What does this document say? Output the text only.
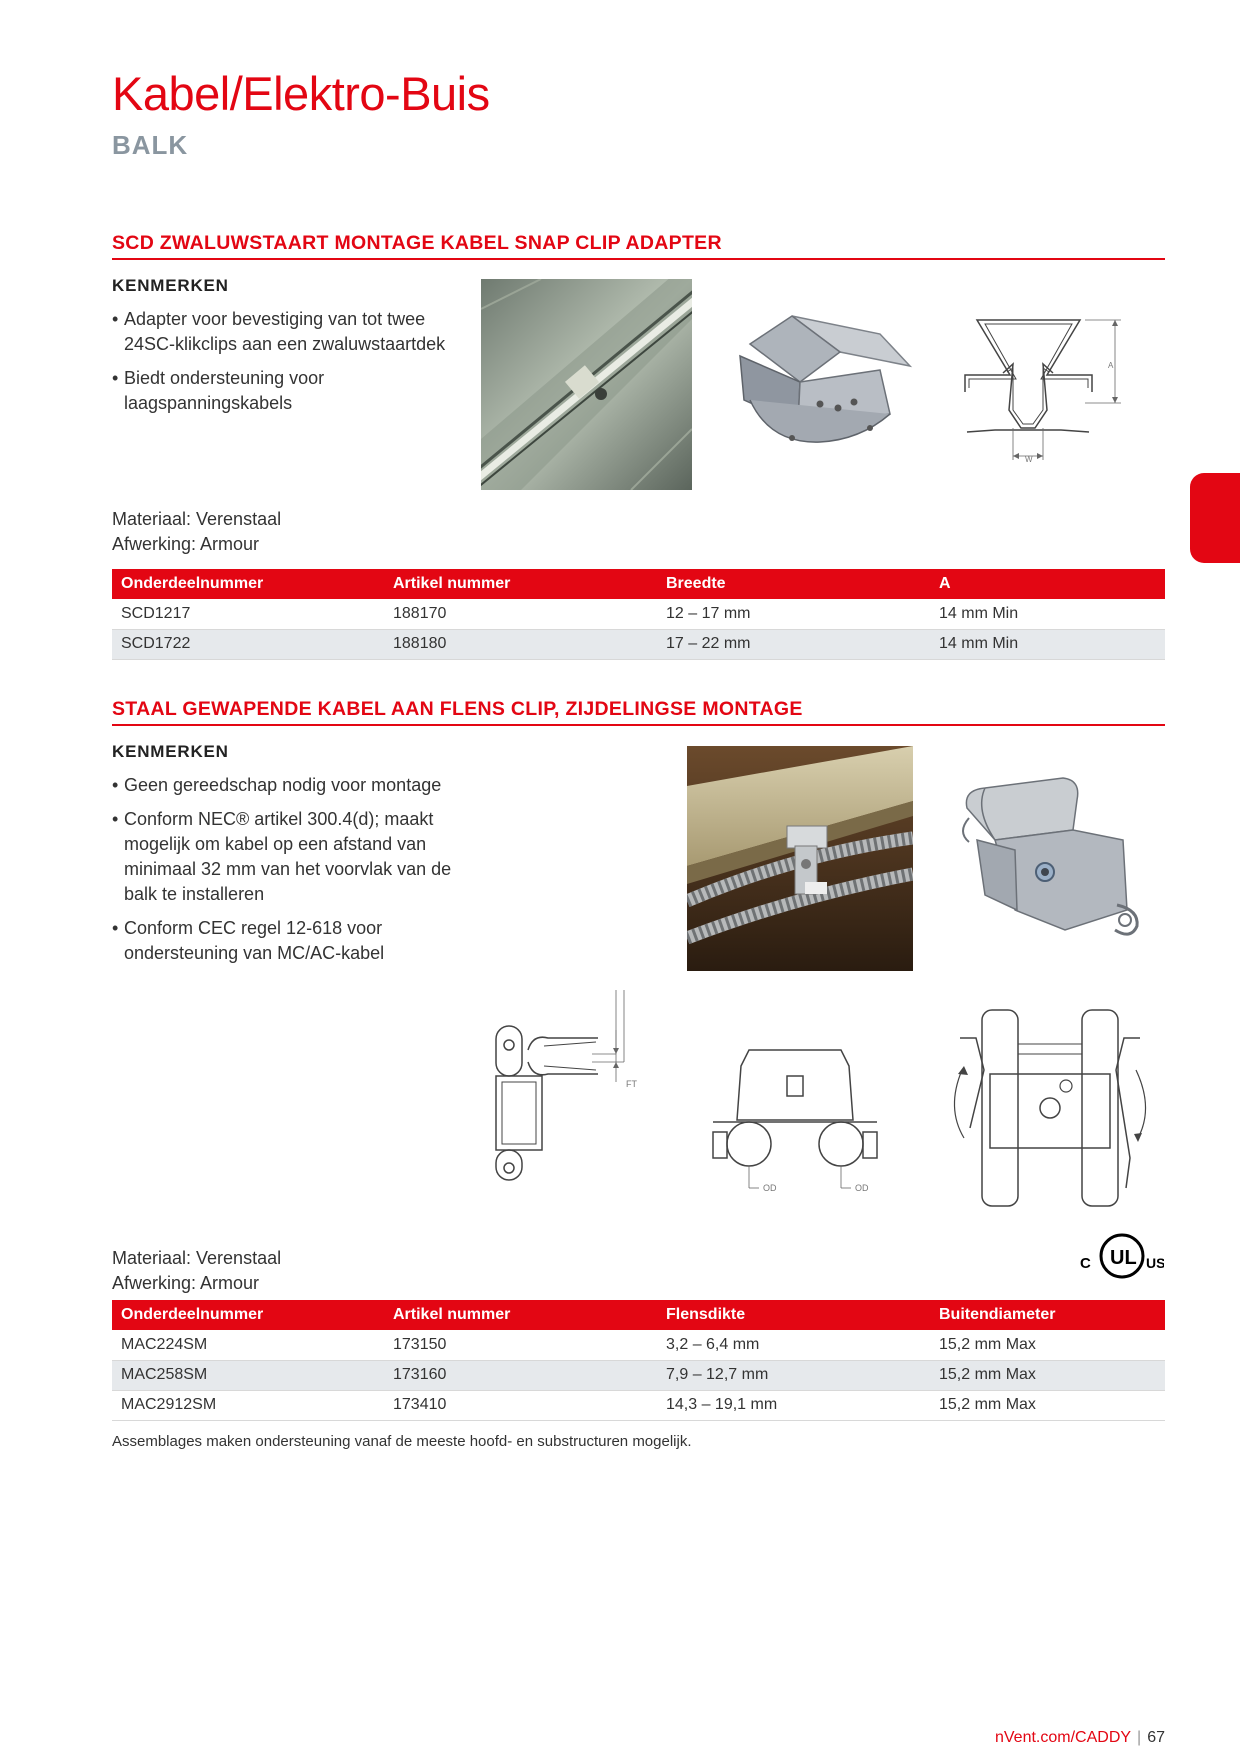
Kabel/Elektro-Buis
BALK
SCD ZWALUWSTAART MONTAGE KABEL SNAP CLIP ADAPTER
KENMERKEN
• Adapter voor bevestiging van tot twee 24SC-klikclips aan een zwaluwstaartdek
• Biedt ondersteuning voor laagspanningskabels
A
W
Materiaal: Verenstaal
Afwerking: Armour
Onderdeelnummer	Artikel nummer	Breedte	A
SCD1217	188170	12 – 17 mm	14 mm Min
SCD1722	188180	17 – 22 mm	14 mm Min
STAAL GEWAPENDE KABEL AAN FLENS CLIP, ZIJDELINGSE MONTAGE
KENMERKEN
• Geen gereedschap nodig voor montage
• Conform NEC® artikel 300.4(d); maakt mogelijk om kabel op een afstand van minimaal 32 mm van het voorvlak van de balk te installeren
• Conform CEC regel 12-618 voor ondersteuning van MC/AC-kabel
FT
OD	OD
UL
C	US
Materiaal: Verenstaal
Afwerking: Armour
Onderdeelnummer	Artikel nummer	Flensdikte	Buitendiameter
MAC224SM	173150	3,2 – 6,4 mm	15,2 mm Max
MAC258SM	173160	7,9 – 12,7 mm	15,2 mm Max
MAC2912SM	173410	14,3 – 19,1 mm	15,2 mm Max
Assemblages maken ondersteuning vanaf de meeste hoofd- en substructuren mogelijk.
nVent.com/CADDY | 67
